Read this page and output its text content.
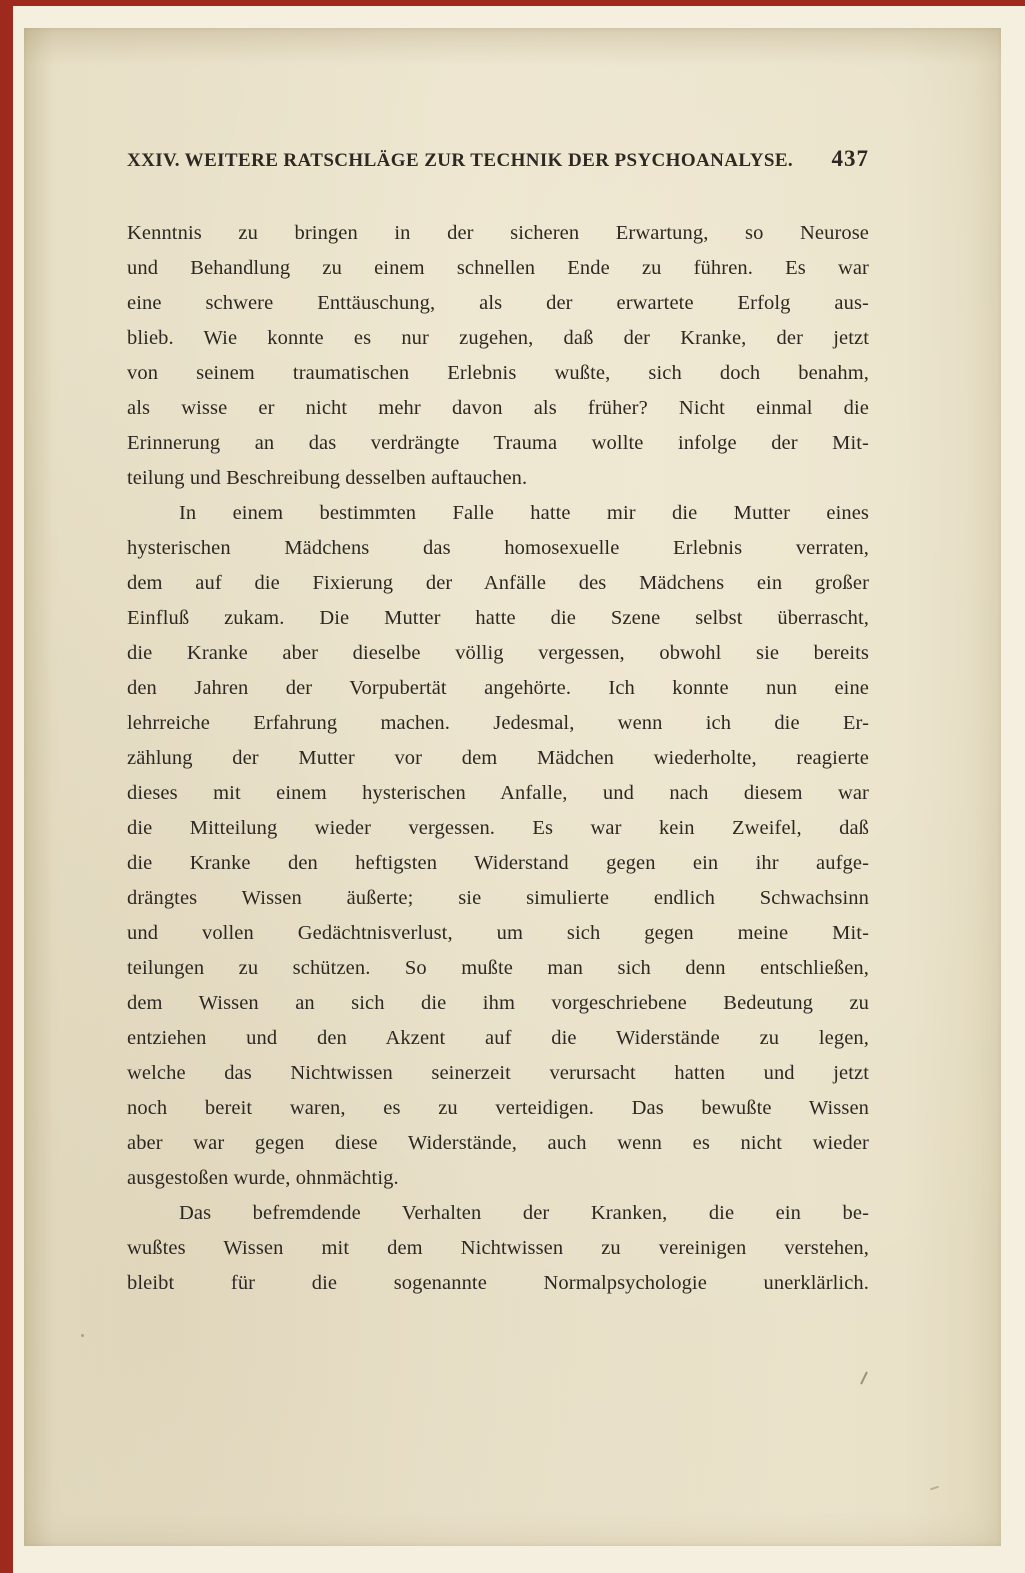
XXIV. WEITERE RATSCHLÄGE ZUR TECHNIK DER PSYCHOANALYSE. 437
Kenntnis zu bringen in der sicheren Erwartung, so Neurose
und Behandlung zu einem schnellen Ende zu führen. Es war
eine schwere Enttäuschung, als der erwartete Erfolg aus-
blieb. Wie konnte es nur zugehen, daß der Kranke, der jetzt
von seinem traumatischen Erlebnis wußte, sich doch benahm,
als wisse er nicht mehr davon als früher? Nicht einmal die
Erinnerung an das verdrängte Trauma wollte infolge der Mit-
teilung und Beschreibung desselben auftauchen.
In einem bestimmten Falle hatte mir die Mutter eines
hysterischen Mädchens das homosexuelle Erlebnis verraten,
dem auf die Fixierung der Anfälle des Mädchens ein großer
Einfluß zukam. Die Mutter hatte die Szene selbst überrascht,
die Kranke aber dieselbe völlig vergessen, obwohl sie bereits
den Jahren der Vorpubertät angehörte. Ich konnte nun eine
lehrreiche Erfahrung machen. Jedesmal, wenn ich die Er-
zählung der Mutter vor dem Mädchen wiederholte, reagierte
dieses mit einem hysterischen Anfalle, und nach diesem war
die Mitteilung wieder vergessen. Es war kein Zweifel, daß
die Kranke den heftigsten Widerstand gegen ein ihr aufge-
drängtes Wissen äußerte; sie simulierte endlich Schwachsinn
und vollen Gedächtnisverlust, um sich gegen meine Mit-
teilungen zu schützen. So mußte man sich denn entschließen,
dem Wissen an sich die ihm vorgeschriebene Bedeutung zu
entziehen und den Akzent auf die Widerstände zu legen,
welche das Nichtwissen seinerzeit verursacht hatten und jetzt
noch bereit waren, es zu verteidigen. Das bewußte Wissen
aber war gegen diese Widerstände, auch wenn es nicht wieder
ausgestoßen wurde, ohnmächtig.
Das befremdende Verhalten der Kranken, die ein be-
wußtes Wissen mit dem Nichtwissen zu vereinigen verstehen,
bleibt für die sogenannte Normalpsychologie unerklärlich.
